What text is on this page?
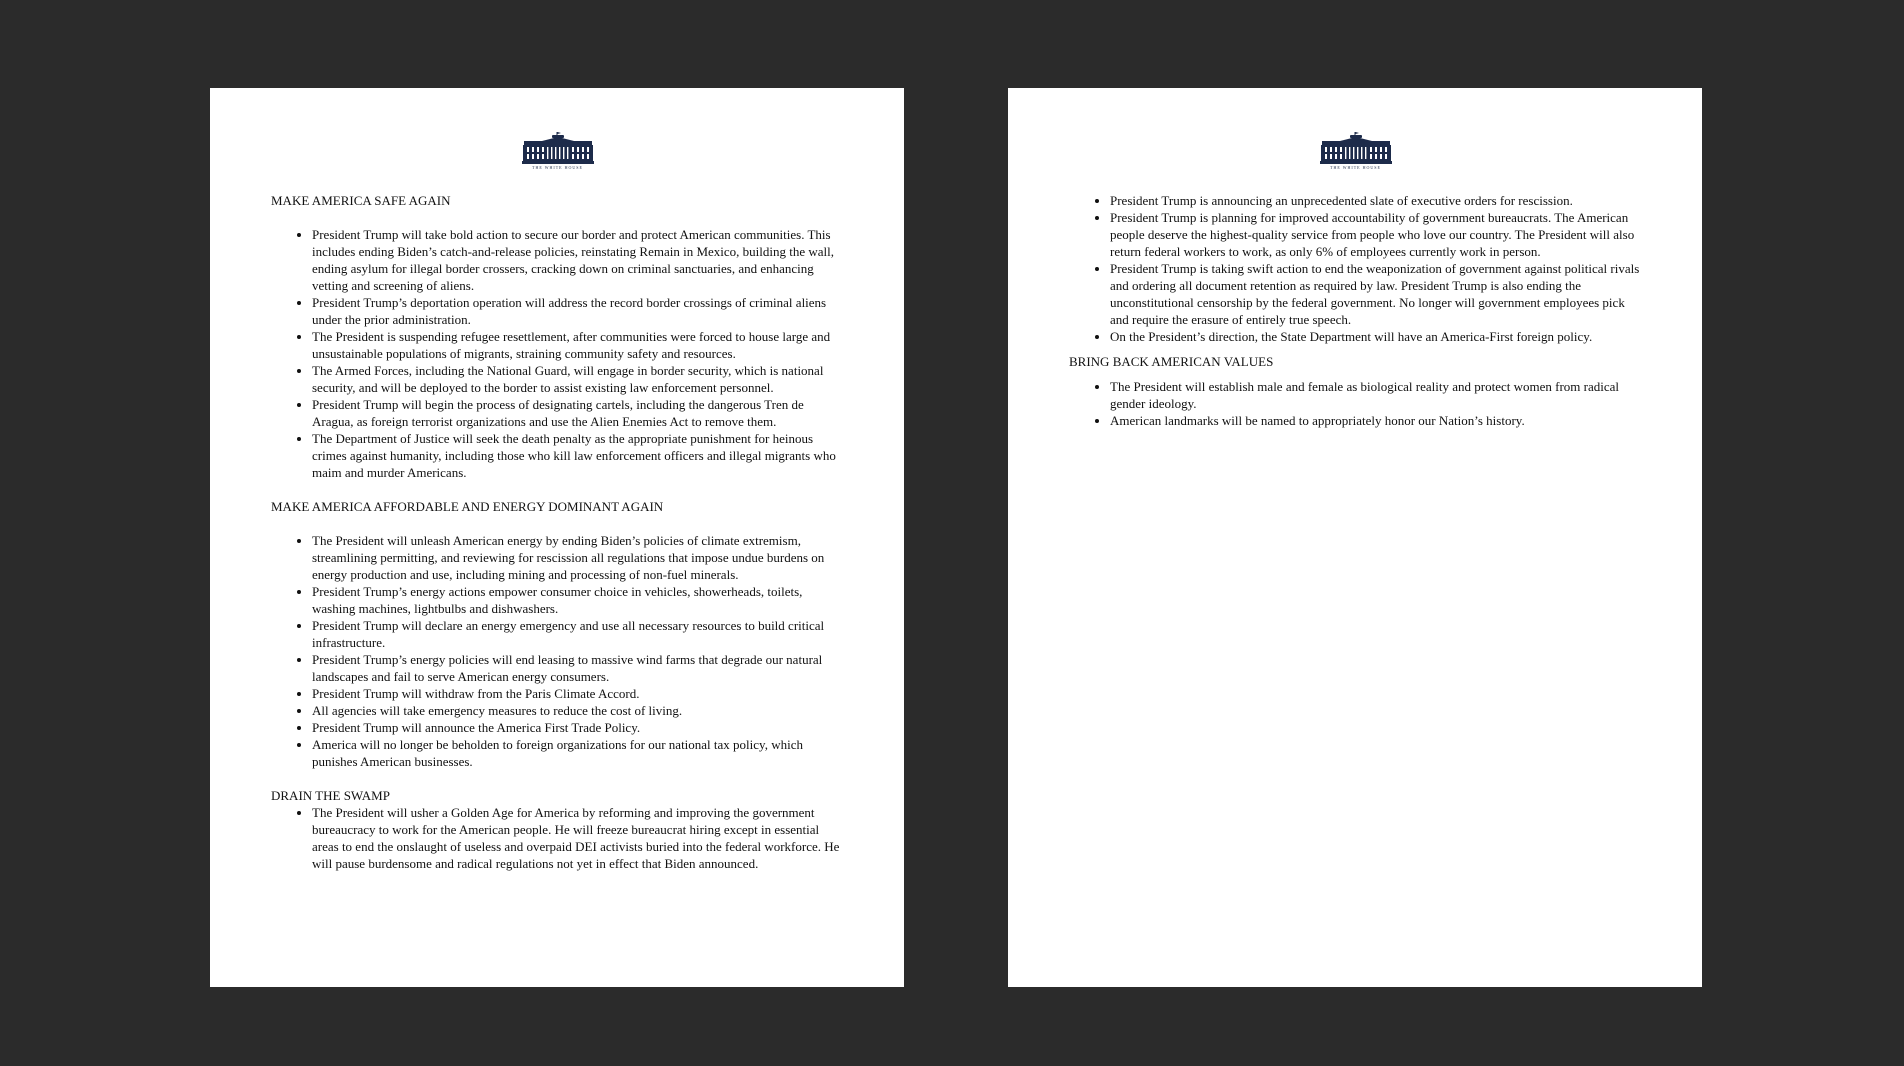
THE WHITE HOUSE
MAKE AMERICA SAFE AGAIN
• President Trump will take bold action to secure our border and protect American communities. This includes ending Biden’s catch-and-release policies, reinstating Remain in Mexico, building the wall, ending asylum for illegal border crossers, cracking down on criminal sanctuaries, and enhancing vetting and screening of aliens.
• President Trump’s deportation operation will address the record border crossings of criminal aliens under the prior administration.
• The President is suspending refugee resettlement, after communities were forced to house large and unsustainable populations of migrants, straining community safety and resources.
• The Armed Forces, including the National Guard, will engage in border security, which is national security, and will be deployed to the border to assist existing law enforcement personnel.
• President Trump will begin the process of designating cartels, including the dangerous Tren de Aragua, as foreign terrorist organizations and use the Alien Enemies Act to remove them.
• The Department of Justice will seek the death penalty as the appropriate punishment for heinous crimes against humanity, including those who kill law enforcement officers and illegal migrants who maim and murder Americans.
MAKE AMERICA AFFORDABLE AND ENERGY DOMINANT AGAIN
• The President will unleash American energy by ending Biden’s policies of climate extremism, streamlining permitting, and reviewing for rescission all regulations that impose undue burdens on energy production and use, including mining and processing of non-fuel minerals.
• President Trump’s energy actions empower consumer choice in vehicles, showerheads, toilets, washing machines, lightbulbs and dishwashers.
• President Trump will declare an energy emergency and use all necessary resources to build critical infrastructure.
• President Trump’s energy policies will end leasing to massive wind farms that degrade our natural landscapes and fail to serve American energy consumers.
• President Trump will withdraw from the Paris Climate Accord.
• All agencies will take emergency measures to reduce the cost of living.
• President Trump will announce the America First Trade Policy.
• America will no longer be beholden to foreign organizations for our national tax policy, which punishes American businesses.
DRAIN THE SWAMP
• The President will usher a Golden Age for America by reforming and improving the government bureaucracy to work for the American people. He will freeze bureaucrat hiring except in essential areas to end the onslaught of useless and overpaid DEI activists buried into the federal workforce. He will pause burdensome and radical regulations not yet in effect that Biden announced.
THE WHITE HOUSE
• President Trump is announcing an unprecedented slate of executive orders for rescission.
• President Trump is planning for improved accountability of government bureaucrats. The American people deserve the highest-quality service from people who love our country. The President will also return federal workers to work, as only 6% of employees currently work in person.
• President Trump is taking swift action to end the weaponization of government against political rivals and ordering all document retention as required by law. President Trump is also ending the unconstitutional censorship by the federal government. No longer will government employees pick and require the erasure of entirely true speech.
• On the President’s direction, the State Department will have an America-First foreign policy.
BRING BACK AMERICAN VALUES
• The President will establish male and female as biological reality and protect women from radical gender ideology.
• American landmarks will be named to appropriately honor our Nation’s history.
